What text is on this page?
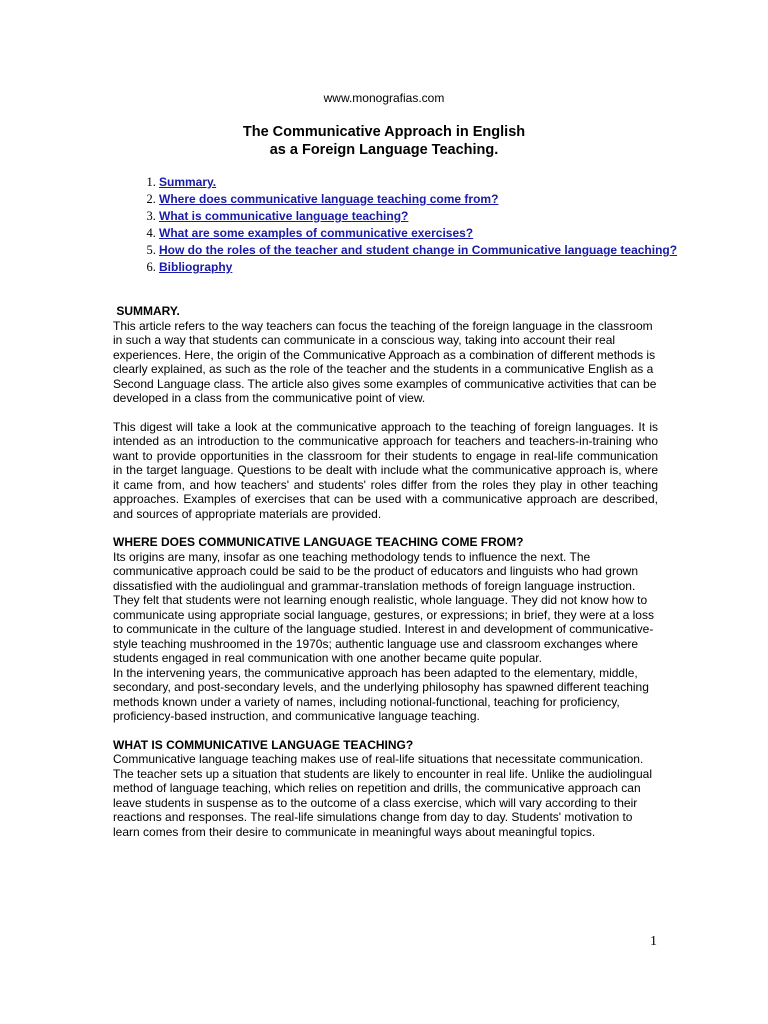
www.monografias.com
The Communicative Approach in English
as a Foreign Language Teaching.
1. Summary.
2. Where does communicative language teaching come from?
3. What is communicative language teaching?
4. What are some examples of communicative exercises?
5. How do the roles of the teacher and student change in Communicative language teaching?
6. Bibliography
SUMMARY.

This article refers to the way teachers can focus the teaching of the foreign language in the classroom in such a way that students can communicate in a conscious way, taking into account their real experiences. Here, the origin of the Communicative Approach as a combination of different methods is clearly explained, as such as the role of the teacher and the students in a communicative English as a Second Language class. The article also gives some examples of communicative activities that can be developed in a class from the communicative point of view.

This digest will take a look at the communicative approach to the teaching of foreign languages. It is intended as an introduction to the communicative approach for teachers and teachers-in-training who want to provide opportunities in the classroom for their students to engage in real-life communication in the target language. Questions to be dealt with include what the communicative approach is, where it came from, and how teachers' and students' roles differ from the roles they play in other teaching approaches. Examples of exercises that can be used with a communicative approach are described, and sources of appropriate materials are provided.

WHERE DOES COMMUNICATIVE LANGUAGE TEACHING COME FROM?

Its origins are many, insofar as one teaching methodology tends to influence the next. The communicative approach could be said to be the product of educators and linguists who had grown dissatisfied with the audiolingual and grammar-translation methods of foreign language instruction.

They felt that students were not learning enough realistic, whole language. They did not know how to communicate using appropriate social language, gestures, or expressions; in brief, they were at a loss to communicate in the culture of the language studied. Interest in and development of communicative-style teaching mushroomed in the 1970s; authentic language use and classroom exchanges where students engaged in real communication with one another became quite popular.

In the intervening years, the communicative approach has been adapted to the elementary, middle, secondary, and post-secondary levels, and the underlying philosophy has spawned different teaching methods known under a variety of names, including notional-functional, teaching for proficiency, proficiency-based instruction, and communicative language teaching.

WHAT IS COMMUNICATIVE LANGUAGE TEACHING?

Communicative language teaching makes use of real-life situations that necessitate communication. The teacher sets up a situation that students are likely to encounter in real life. Unlike the audiolingual method of language teaching, which relies on repetition and drills, the communicative approach can leave students in suspense as to the outcome of a class exercise, which will vary according to their reactions and responses. The real-life simulations change from day to day. Students' motivation to learn comes from their desire to communicate in meaningful ways about meaningful topics.

1
